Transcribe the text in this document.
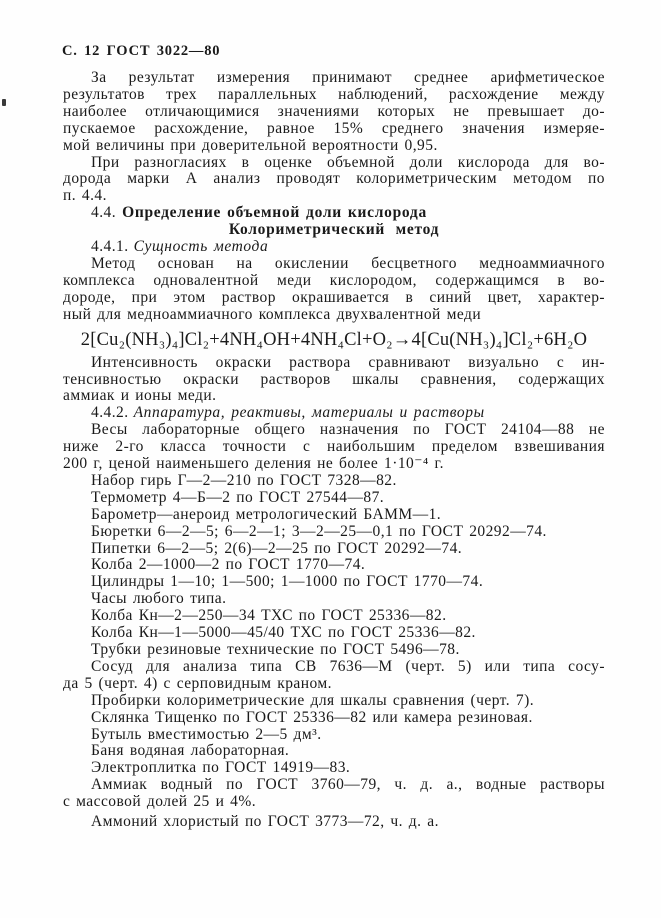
С. 12 ГОСТ 3022—80
За результат измерения принимают среднее арифметическое
результатов трех параллельных наблюдений, расхождение между
наиболее отличающимися значениями которых не превышает до-
пускаемое расхождение, равное 15% среднего значения измеряе-
мой величины при доверительной вероятности 0,95.
При разногласиях в оценке объемной доли кислорода для во-
дорода марки А анализ проводят колориметрическим методом по
п. 4.4.
4.4. Определение объемной доли кислорода
Колориметрический метод
4.4.1. Сущность метода
Метод основан на окислении бесцветного медноаммиачного
комплекса одновалентной меди кислородом, содержащимся в во-
дороде, при этом раствор окрашивается в синий цвет, характер-
ный для медноаммиачного комплекса двухвалентной меди
2[Cu₂(NH₃)₄]Cl₂+4NH₄OH+4NH₄Cl+O₂→4[Cu(NH₃)₄]Cl₂+6H₂O
Интенсивность окраски раствора сравнивают визуально с ин-
тенсивностью окраски растворов шкалы сравнения, содержащих
аммиак и ионы меди.
4.4.2. Аппаратура, реактивы, материалы и растворы
Весы лабораторные общего назначения по ГОСТ 24104—88 не
ниже 2-го класса точности с наибольшим пределом взвешивания
200 г, ценой наименьшего деления не более 1·10⁻⁴ г.
Набор гирь Г—2—210 по ГОСТ 7328—82.
Термометр 4—Б—2 по ГОСТ 27544—87.
Барометр—анероид метрологический БАММ—1.
Бюретки 6—2—5; 6—2—1; 3—2—25—0,1 по ГОСТ 20292—74.
Пипетки 6—2—5; 2(6)—2—25 по ГОСТ 20292—74.
Колба 2—1000—2 по ГОСТ 1770—74.
Цилиндры 1—10; 1—500; 1—1000 по ГОСТ 1770—74.
Часы любого типа.
Колба Кн—2—250—34 ТХС по ГОСТ 25336—82.
Колба Кн—1—5000—45/40 ТХС по ГОСТ 25336—82.
Трубки резиновые технические по ГОСТ 5496—78.
Сосуд для анализа типа СВ 7636—М (черт. 5) или типа сосу-
да 5 (черт. 4) с серповидным краном.
Пробирки колориметрические для шкалы сравнения (черт. 7).
Склянка Тищенко по ГОСТ 25336—82 или камера резиновая.
Бутыль вместимостью 2—5 дм³.
Баня водяная лабораторная.
Электроплитка по ГОСТ 14919—83.
Аммиак водный по ГОСТ 3760—79, ч. д. а., водные растворы
с массовой долей 25 и 4%.
Аммоний хлористый по ГОСТ 3773—72, ч. д. а.
